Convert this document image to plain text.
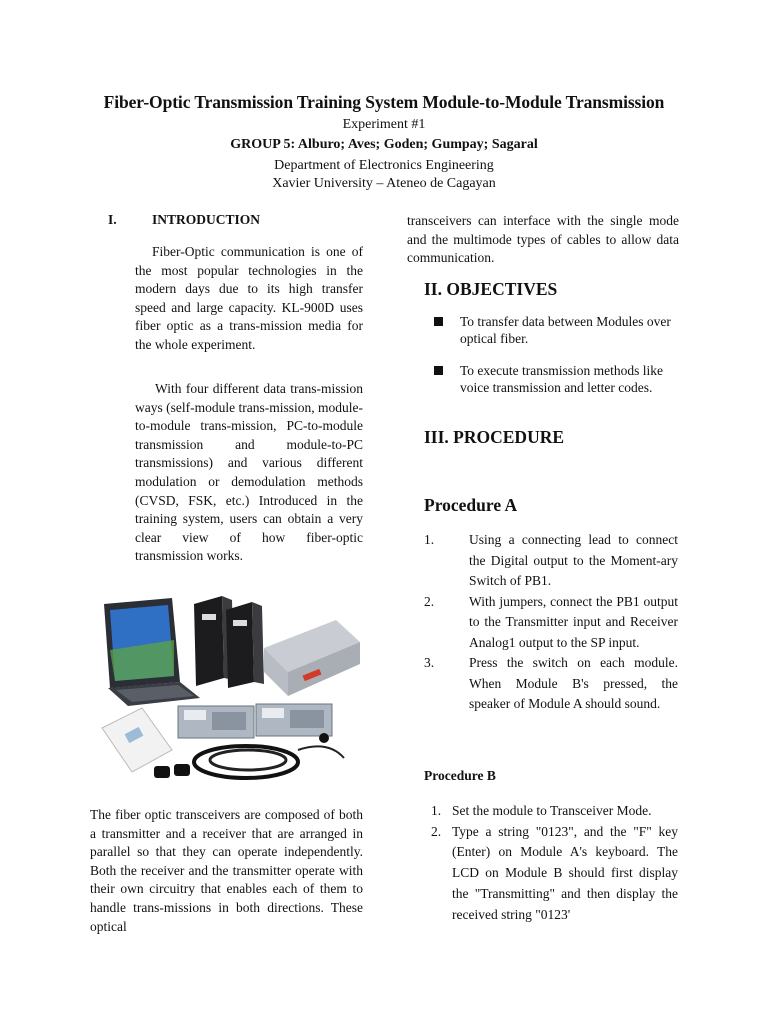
Fiber-Optic Transmission Training System Module-to-Module Transmission
Experiment #1
GROUP 5: Alburo; Aves; Goden; Gumpay; Sagaral
Department of Electronics Engineering
Xavier University – Ateneo de Cagayan
I.	INTRODUCTION
Fiber-Optic communication is one of the most popular technologies in the modern days due to its high transfer speed and large capacity. KL-900D uses fiber optic as a trans-mission media for the whole experiment.
With four different data trans-mission ways (self-module trans-mission, module-to-module trans-mission, PC-to-module transmission and module-to-PC transmissions) and various different modulation or demodulation methods (CVSD, FSK, etc.) Introduced in the training system, users can obtain a very clear view of how fiber-optic transmission works.
The fiber optic transceivers are composed of both a transmitter and a receiver that are arranged in parallel so that they can operate independently. Both the receiver and the transmitter operate with their own circuitry that enables each of them to handle trans-missions in both directions. These optical
transceivers can interface with the single mode and the multimode types of cables to allow data communication.
II. OBJECTIVES
To transfer data between Modules over optical fiber.
To execute transmission methods like voice transmission and letter codes.
III. PROCEDURE
Procedure A
1.	Using a connecting lead to connect the Digital output to the Moment-ary Switch of PB1.
2.	With jumpers, connect the PB1 output to the Transmitter input and Receiver Analog1 output to the SP input.
3.	Press the switch on each module. When Module B's pressed, the speaker of Module A should sound.
Procedure B
1. Set the module to Transceiver Mode.
2. Type a string "0123", and the "F" key (Enter) on Module A's keyboard. The LCD on Module B should first display the "Transmitting" and then display the received string "0123'
